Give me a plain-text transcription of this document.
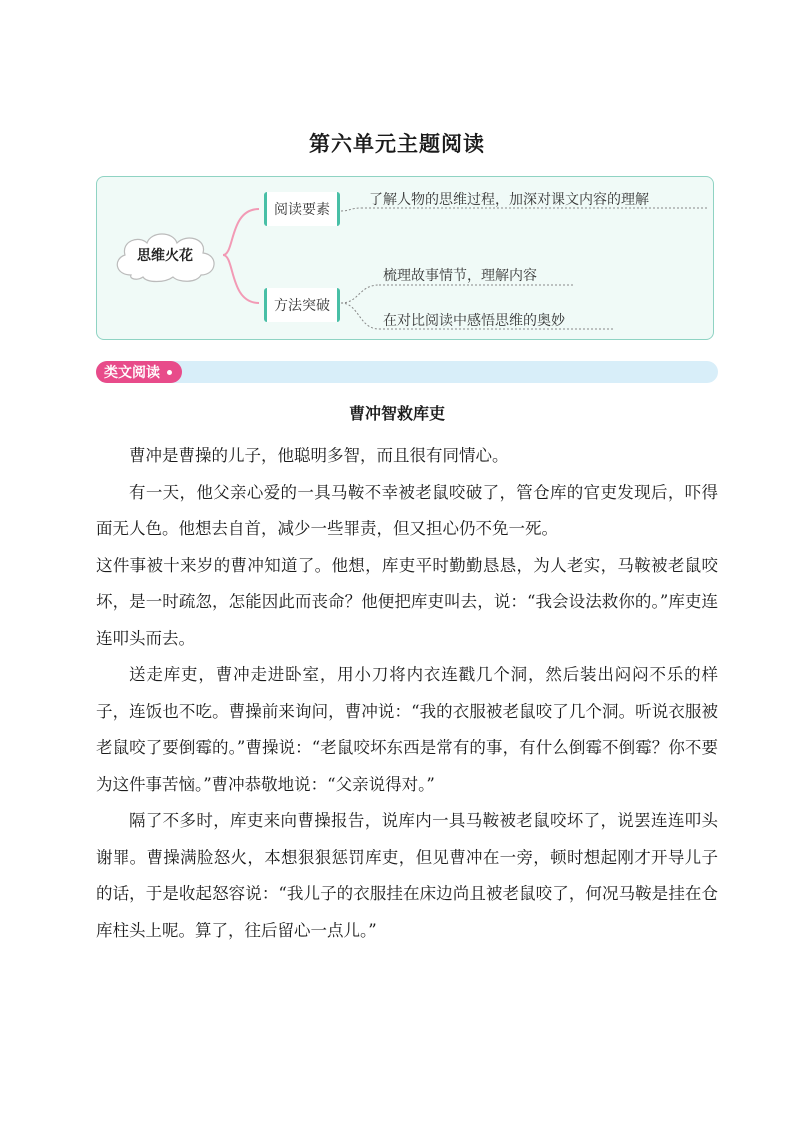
第六单元主题阅读
思维火花
阅读要素
了解人物的思维过程，加深对课文内容的理解
方法突破
梳理故事情节，理解内容
在对比阅读中感悟思维的奥妙
类文阅读
曹冲智救库吏

曹冲是曹操的儿子，他聪明多智，而且很有同情心。

有一天，他父亲心爱的一具马鞍不幸被老鼠咬破了，管仓库的官吏发现后，吓得面无人色。他想去自首，减少一些罪责，但又担心仍不免一死。

这件事被十来岁的曹冲知道了。他想，库吏平时勤勤恳恳，为人老实，马鞍被老鼠咬坏，是一时疏忽，怎能因此而丧命？他便把库吏叫去，说：“我会设法救你的。”库吏连连叩头而去。

送走库吏，曹冲走进卧室，用小刀将内衣连戳几个洞，然后装出闷闷不乐的样子，连饭也不吃。曹操前来询问，曹冲说：“我的衣服被老鼠咬了几个洞。听说衣服被老鼠咬了要倒霉的。”曹操说：“老鼠咬坏东西是常有的事，有什么倒霉不倒霉？你不要为这件事苦恼。”曹冲恭敬地说：“父亲说得对。”

隔了不多时，库吏来向曹操报告，说库内一具马鞍被老鼠咬坏了，说罢连连叩头谢罪。曹操满脸怒火，本想狠狠惩罚库吏，但见曹冲在一旁，顿时想起刚才开导儿子的话，于是收起怒容说：“我儿子的衣服挂在床边尚且被老鼠咬了，何况马鞍是挂在仓库柱头上呢。算了，往后留心一点儿。”
